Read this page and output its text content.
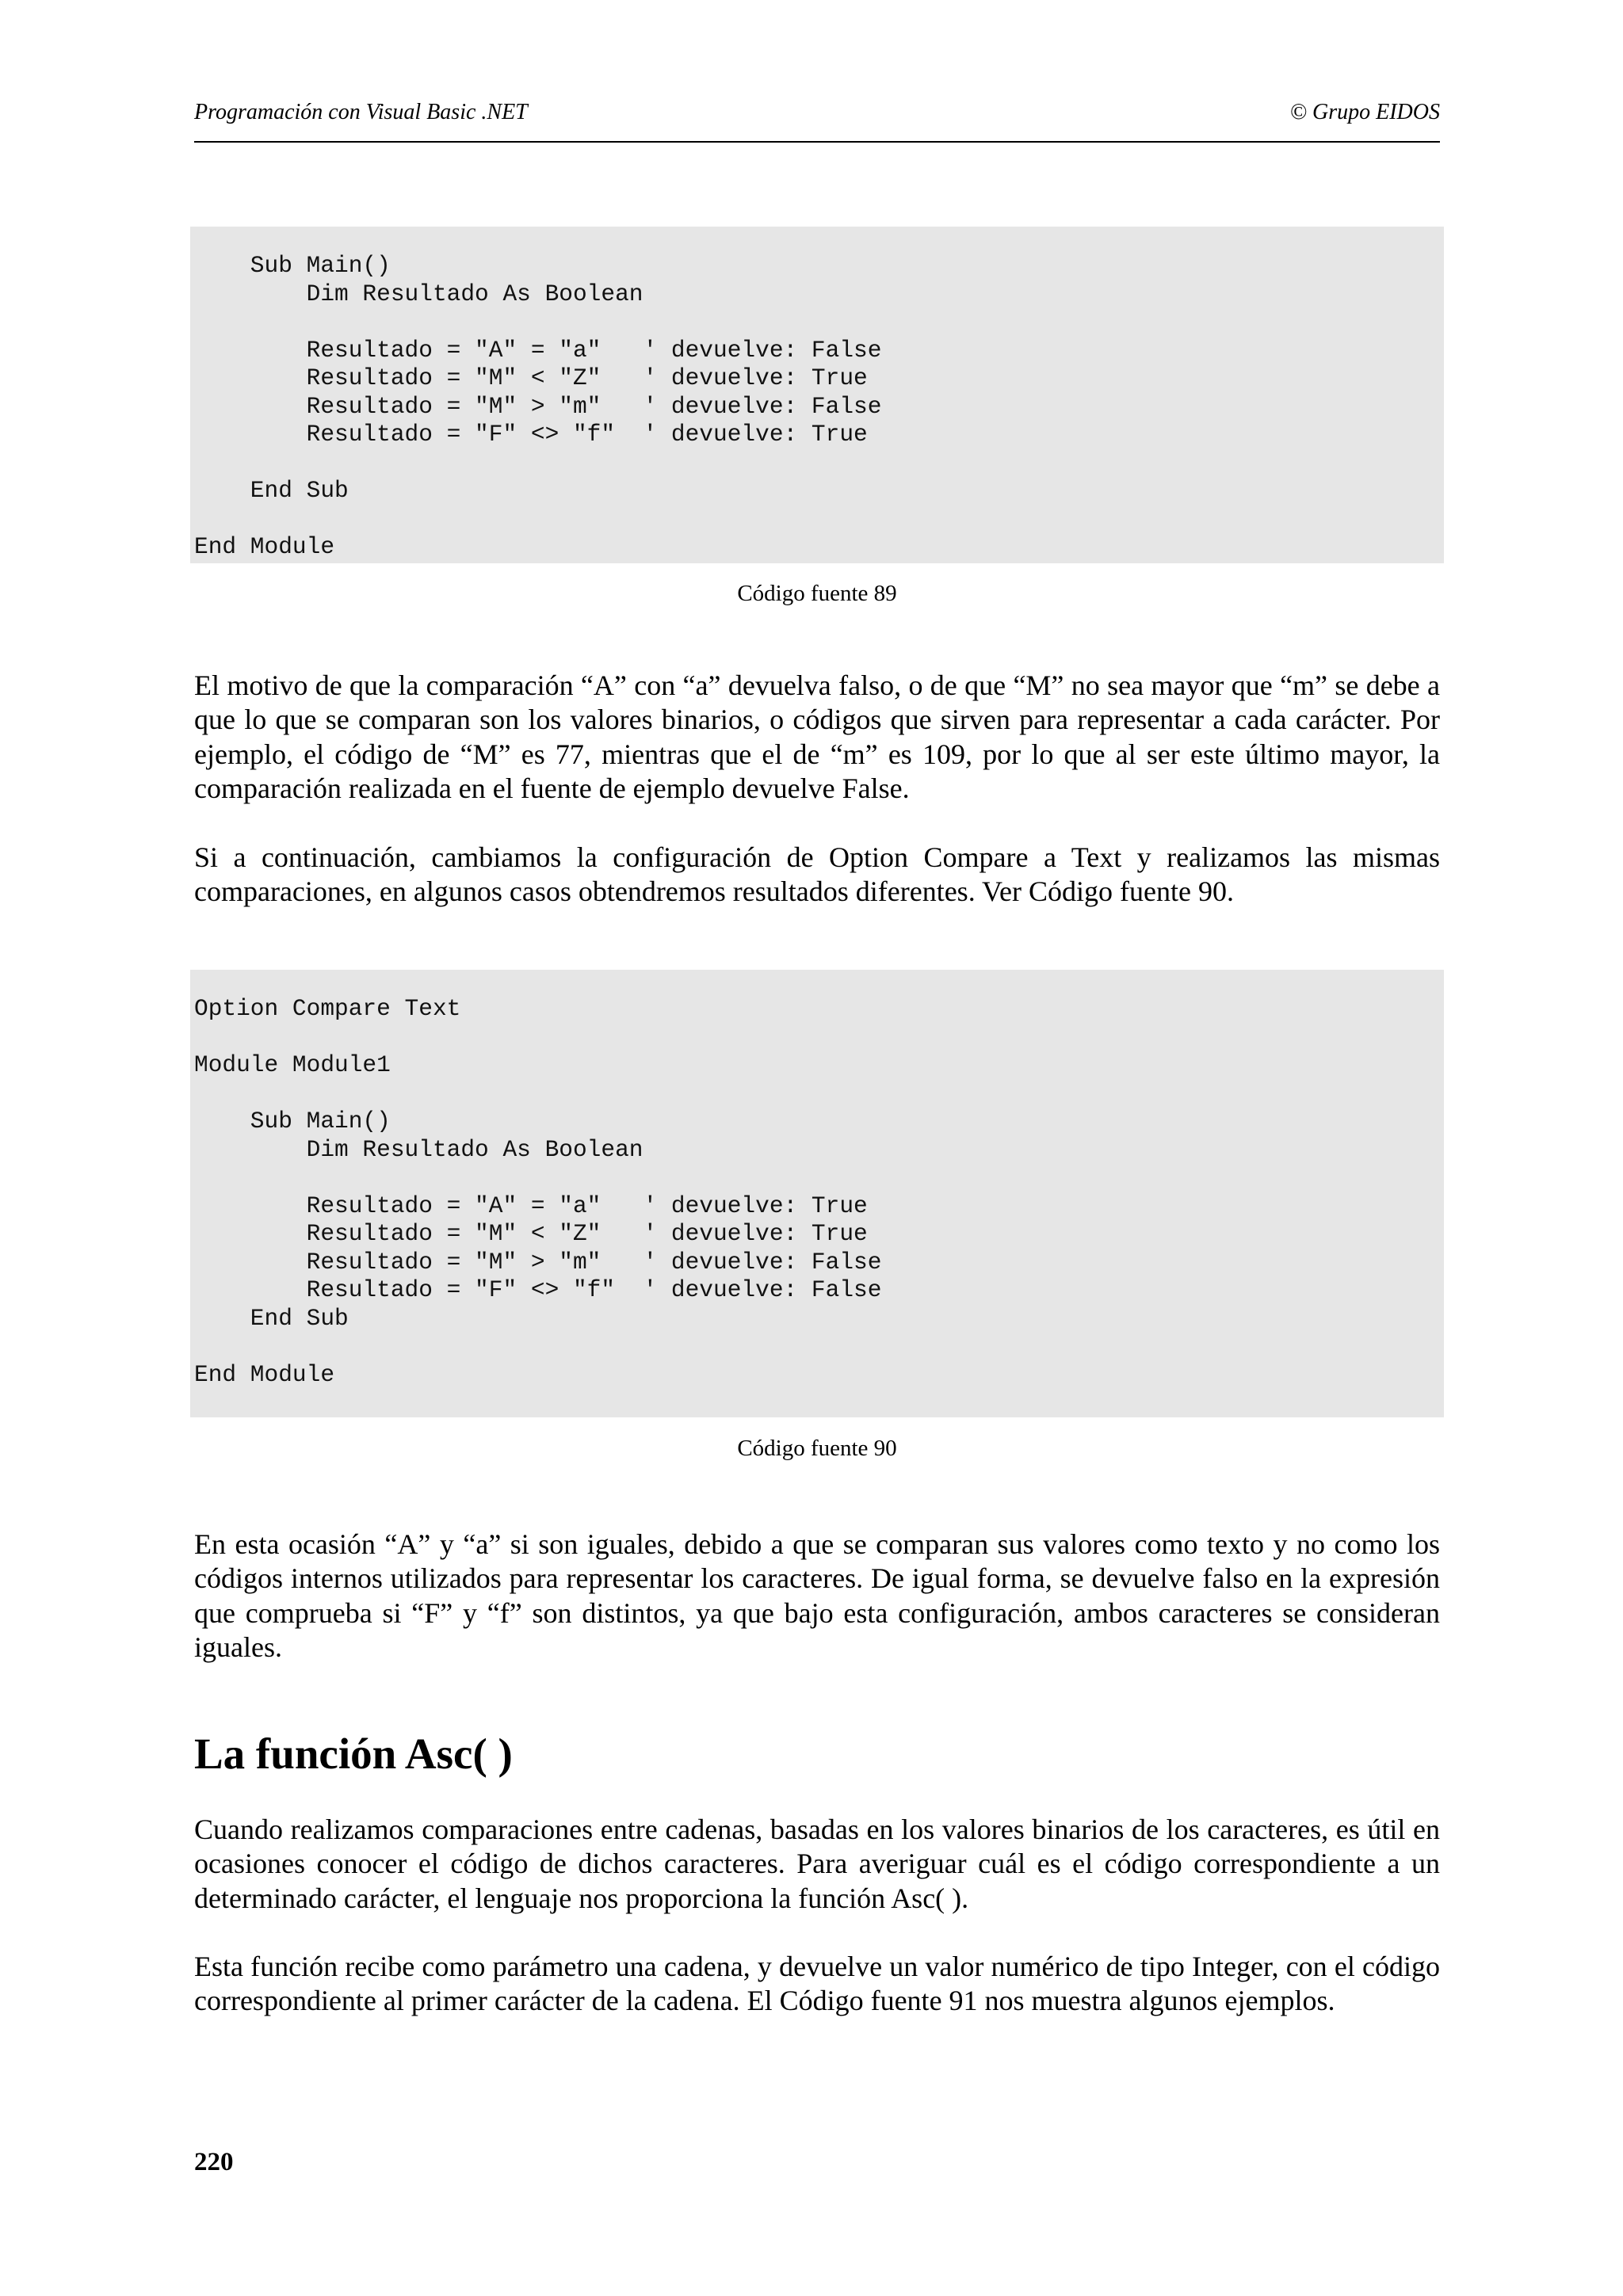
Programación con Visual Basic .NET	© Grupo EIDOS
Sub Main()
Dim Resultado As Boolean

Resultado = "A" = "a"   ' devuelve: False
Resultado = "M" < "Z"   ' devuelve: True
Resultado = "M" > "m"   ' devuelve: False
Resultado = "F" <> "f"  ' devuelve: True

End Sub

End Module
Código fuente 89

El motivo de que la comparación “A” con “a” devuelva falso, o de que “M” no sea mayor que “m” se debe a que lo que se comparan son los valores binarios, o códigos que sirven para representar a cada carácter. Por ejemplo, el código de “M” es 77, mientras que el de “m” es 109, por lo que al ser este último mayor, la comparación realizada en el fuente de ejemplo devuelve False.

Si a continuación, cambiamos la configuración de Option Compare a Text y realizamos las mismas comparaciones, en algunos casos obtendremos resultados diferentes. Ver Código fuente 90.

Option Compare Text

Module Module1

Sub Main()
Dim Resultado As Boolean

Resultado = "A" = "a"   ' devuelve: True
Resultado = "M" < "Z"   ' devuelve: True
Resultado = "M" > "m"   ' devuelve: False
Resultado = "F" <> "f"  ' devuelve: False
End Sub

End Module
Código fuente 90

En esta ocasión “A” y “a” si son iguales, debido a que se comparan sus valores como texto y no como los códigos internos utilizados para representar los caracteres. De igual forma, se devuelve falso en la expresión que comprueba si “F” y “f” son distintos, ya que bajo esta configuración, ambos caracteres se consideran iguales.

La función Asc( )

Cuando realizamos comparaciones entre cadenas, basadas en los valores binarios de los caracteres, es útil en ocasiones conocer el código de dichos caracteres. Para averiguar cuál es el código correspondiente a un determinado carácter, el lenguaje nos proporciona la función Asc( ).

Esta función recibe como parámetro una cadena, y devuelve un valor numérico de tipo Integer, con el código correspondiente al primer carácter de la cadena. El Código fuente 91 nos muestra algunos ejemplos.

220
